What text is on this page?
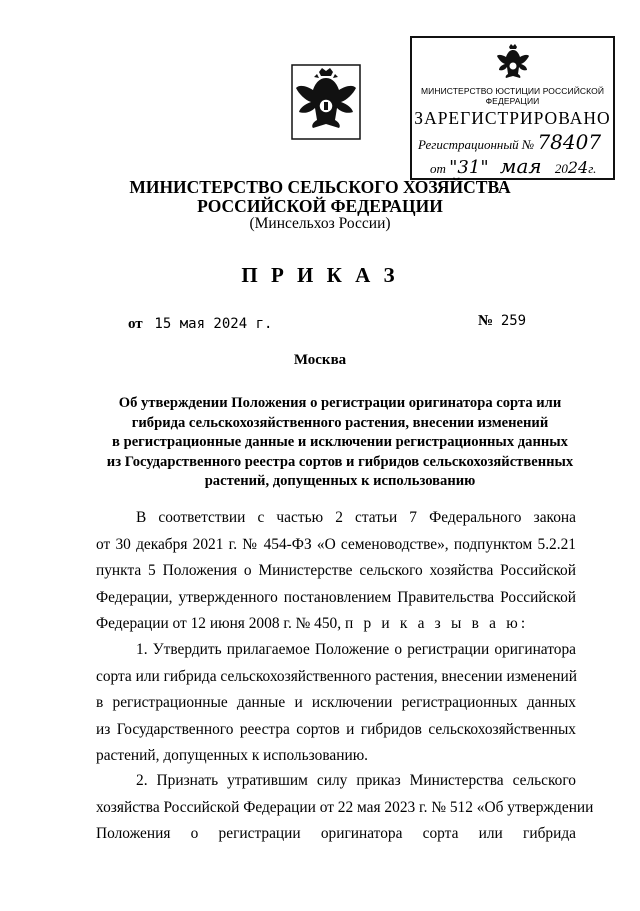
МИНИСТЕРСТВО ЮСТИЦИИ РОССИЙСКОЙ ФЕДЕРАЦИИ
ЗАРЕГИСТРИРОВАНО
Регистрационный № 78407
от "31" мая 2024г.
МИНИСТЕРСТВО СЕЛЬСКОГО ХОЗЯЙСТВА
РОССИЙСКОЙ ФЕДЕРАЦИИ
(Минсельхоз России)
П Р И К А З
от 15 мая 2024 г.	№ 259
Москва
Об утверждении Положения о регистрации оригинатора сорта или
гибрида сельскохозяйственного растения, внесении изменений
в регистрационные данные и исключении регистрационных данных
из Государственного реестра сортов и гибридов сельскохозяйственных
растений, допущенных к использованию
В соответствии с частью 2 статьи 7 Федерального закона
от 30 декабря 2021 г. № 454-ФЗ «О семеноводстве», подпунктом 5.2.21
пункта 5 Положения о Министерстве сельского хозяйства Российской
Федерации, утвержденного постановлением Правительства Российской
Федерации от 12 июня 2008 г. № 450, п р и к а з ы в а ю:
1. Утвердить прилагаемое Положение о регистрации оригинатора
сорта или гибрида сельскохозяйственного растения, внесении изменений
в регистрационные данные и исключении регистрационных данных
из Государственного реестра сортов и гибридов сельскохозяйственных
растений, допущенных к использованию.
2. Признать утратившим силу приказ Министерства сельского
хозяйства Российской Федерации от 22 мая 2023 г. № 512 «Об утверждении
Положения о регистрации оригинатора сорта или гибрида
